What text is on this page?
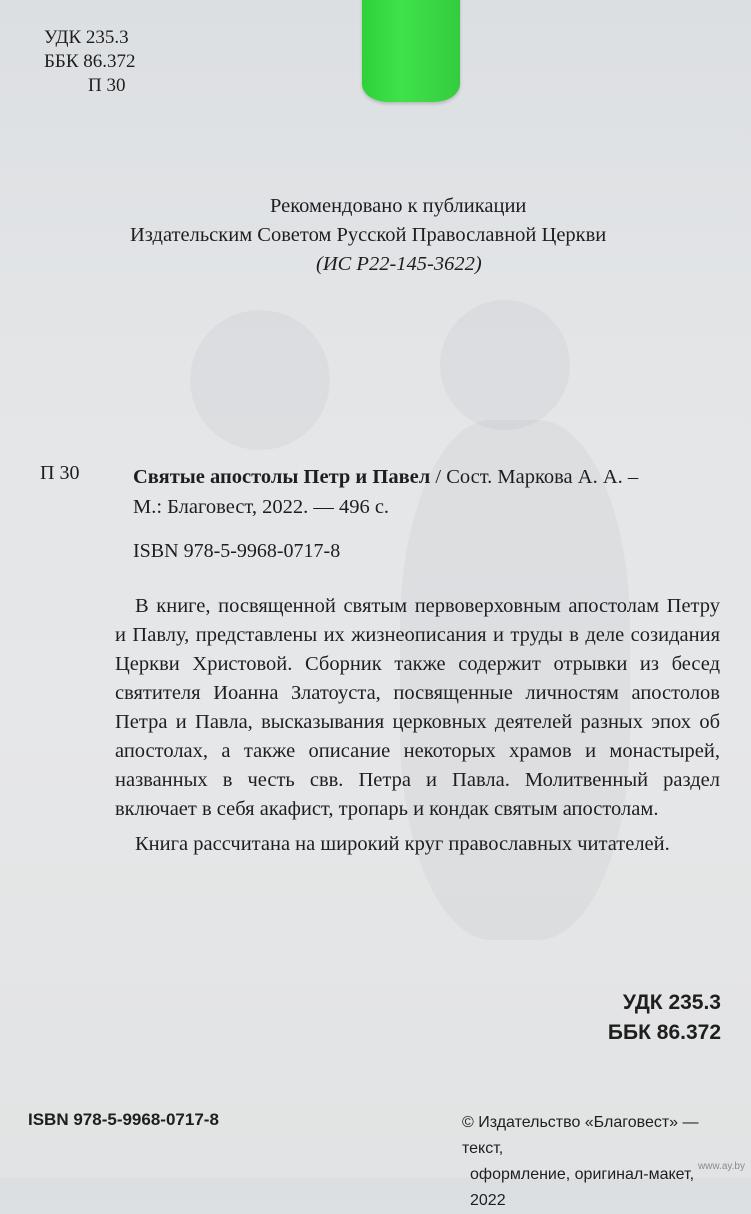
УДК 235.3
ББК 86.372
П 30
Рекомендовано к публикации
Издательским Советом Русской Православной Церкви
(ИС Р22-145-3622)
П 30	Святые апостолы Петр и Павел / Сост. Маркова А. А. –
М.: Благовест, 2022. — 496 с.
ISBN 978-5-9968-0717-8

В книге, посвященной святым первоверховным апостолам Петру и Павлу, представлены их жизнеописания и труды в деле созидания Церкви Христовой. Сборник также содержит отрывки из бесед святителя Иоанна Златоуста, посвященные личностям апостолов Петра и Павла, высказывания церковных деятелей разных эпох об апостолах, а также описание некоторых храмов и монастырей, названных в честь свв. Петра и Павла. Молитвенный раздел включает в себя акафист, тропарь и кондак святым апостолам.

Книга рассчитана на широкий круг православных читателей.

УДК 235.3
ББК 86.372
ISBN 978-5-9968-0717-8	© Издательство «Благовест» — текст,
оформление, оригинал-макет, 2022
www.ay.by
